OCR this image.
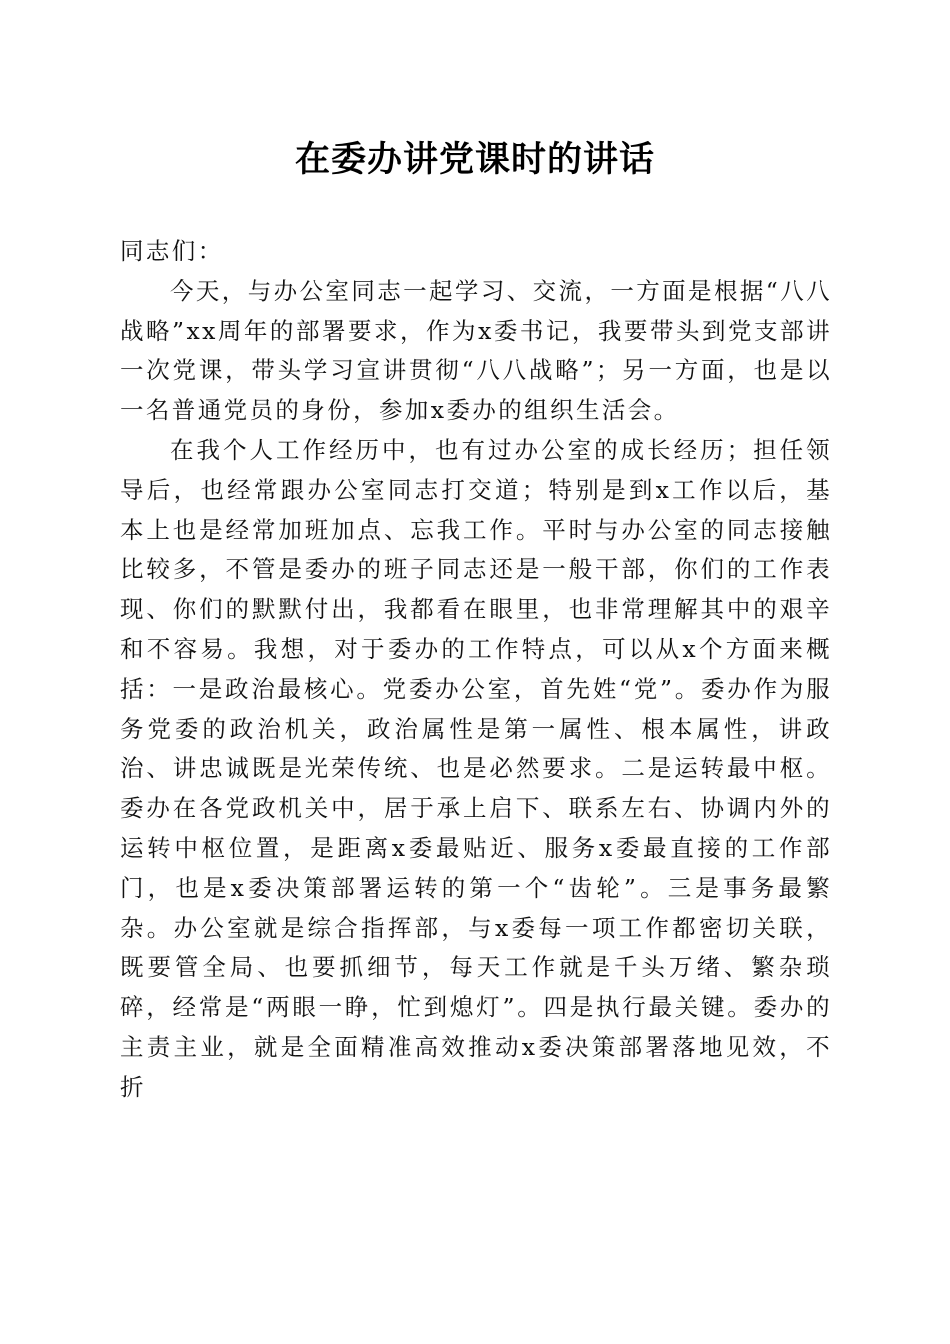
在委办讲党课时的讲话

同志们：

今天，与办公室同志一起学习、交流，一方面是根据“八八战略”xx周年的部署要求，作为x委书记，我要带头到党支部讲一次党课，带头学习宣讲贯彻“八八战略”；另一方面，也是以一名普通党员的身份，参加x委办的组织生活会。

在我个人工作经历中，也有过办公室的成长经历；担任领导后，也经常跟办公室同志打交道；特别是到x工作以后，基本上也是经常加班加点、忘我工作。平时与办公室的同志接触比较多，不管是委办的班子同志还是一般干部，你们的工作表现、你们的默默付出，我都看在眼里，也非常理解其中的艰辛和不容易。我想，对于委办的工作特点，可以从x个方面来概括：一是政治最核心。党委办公室，首先姓“党”。委办作为服务党委的政治机关，政治属性是第一属性、根本属性，讲政治、讲忠诚既是光荣传统、也是必然要求。二是运转最中枢。委办在各党政机关中，居于承上启下、联系左右、协调内外的运转中枢位置，是距离x委最贴近、服务x委最直接的工作部门，也是x委决策部署运转的第一个“齿轮”。三是事务最繁杂。办公室就是综合指挥部，与x委每一项工作都密切关联，既要管全局、也要抓细节，每天工作就是千头万绪、繁杂琐碎，经常是“两眼一睁，忙到熄灯”。四是执行最关键。委办的主责主业，就是全面精准高效推动x委决策部署落地见效，不折
